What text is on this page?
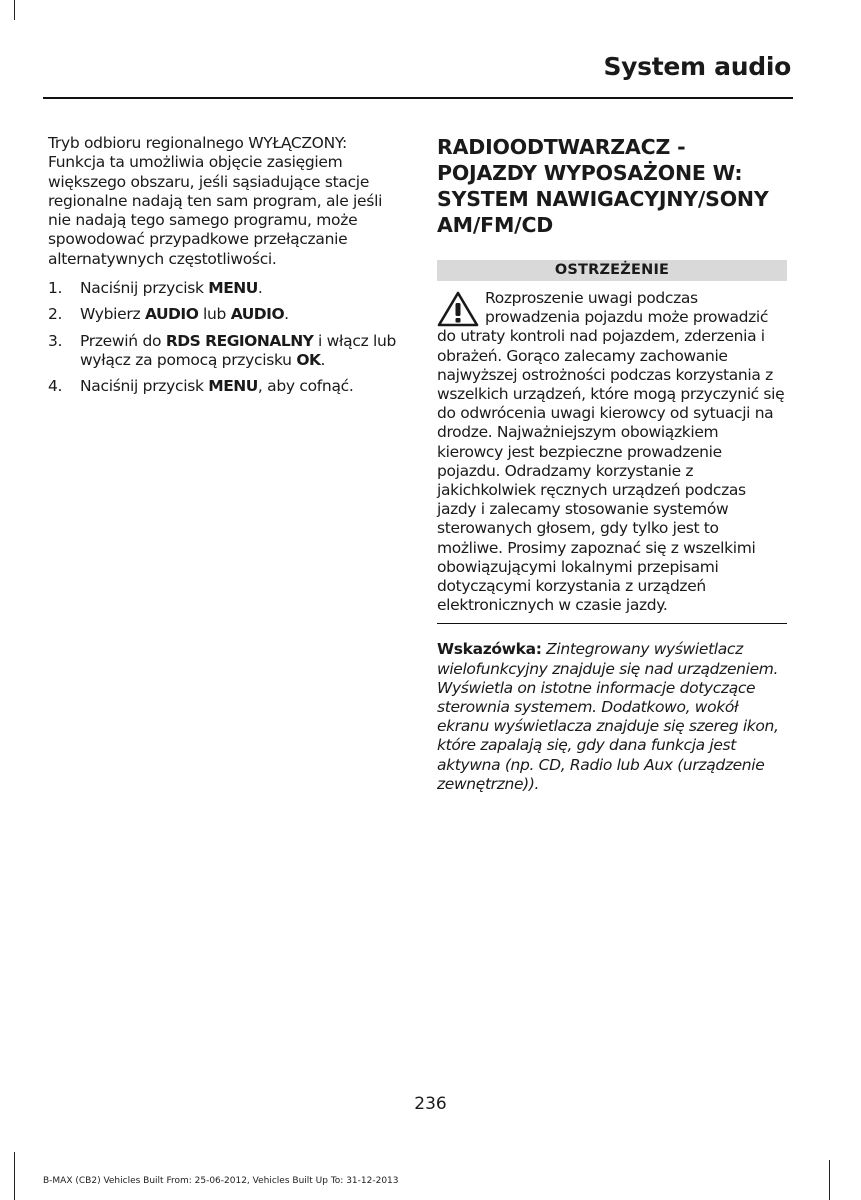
System audio

Tryb odbioru regionalnego WYŁĄCZONY: Funkcja ta umożliwia objęcie zasięgiem większego obszaru, jeśli sąsiadujące stacje regionalne nadają ten sam program, ale jeśli nie nadają tego samego programu, może spowodować przypadkowe przełączanie alternatywnych częstotliwości.

1. Naciśnij przycisk MENU.
2. Wybierz AUDIO lub AUDIO.
3. Przewiń do RDS REGIONALNY i włącz lub wyłącz za pomocą przycisku OK.
4. Naciśnij przycisk MENU, aby cofnąć.
RADIOODTWARZACZ - POJAZDY WYPOSAŻONE W: SYSTEM NAWIGACYJNY/SONY AM/FM/CD
OSTRZEŻENIE
Rozproszenie uwagi podczas prowadzenia pojazdu może prowadzić do utraty kontroli nad pojazdem, zderzenia i obrażeń. Gorąco zalecamy zachowanie najwyższej ostrożności podczas korzystania z wszelkich urządzeń, które mogą przyczynić się do odwrócenia uwagi kierowcy od sytuacji na drodze. Najważniejszym obowiązkiem kierowcy jest bezpieczne prowadzenie pojazdu. Odradzamy korzystanie z jakichkolwiek ręcznych urządzeń podczas jazdy i zalecamy stosowanie systemów sterowanych głosem, gdy tylko jest to możliwe. Prosimy zapoznać się z wszelkimi obowiązującymi lokalnymi przepisami dotyczącymi korzystania z urządzeń elektronicznych w czasie jazdy.
Wskazówka: Zintegrowany wyświetlacz wielofunkcyjny znajduje się nad urządzeniem. Wyświetla on istotne informacje dotyczące sterownia systemem. Dodatkowo, wokół ekranu wyświetlacza znajduje się szereg ikon, które zapalają się, gdy dana funkcja jest aktywna (np. CD, Radio lub Aux (urządzenie zewnętrzne)).
236
B-MAX (CB2) Vehicles Built From: 25-06-2012, Vehicles Built Up To: 31-12-2013
